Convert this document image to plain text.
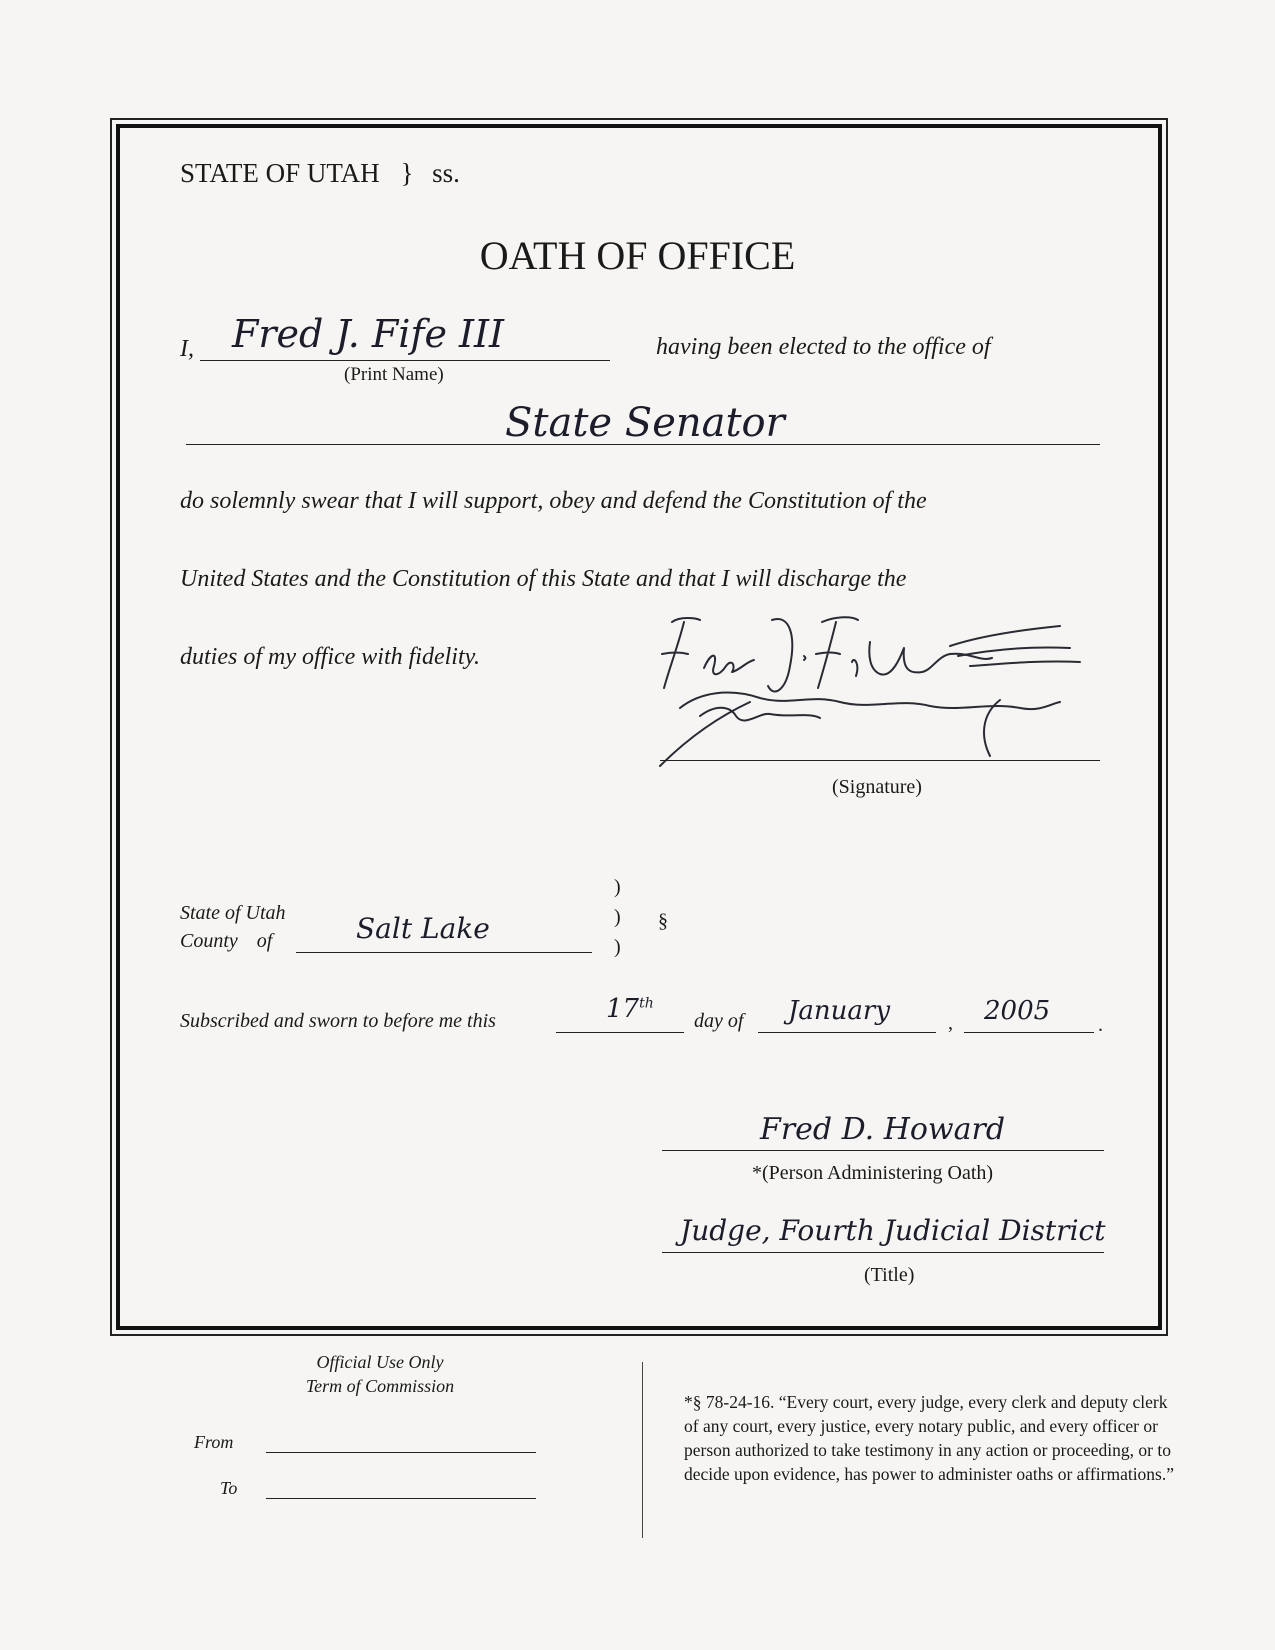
STATE OF UTAH } ss.
OATH OF OFFICE
I, Fred J. Fife III
(Print Name)
having been elected to the office of
State Senator
do solemnly swear that I will support, obey and defend the Constitution of the
United States and the Constitution of this State and that I will discharge the
duties of my office with fidelity.
(Signature)
State of Utah
County of	Salt Lake
)
)
)
§
Subscribed and sworn to before me this	17th
day of January	, 2005 .
Fred D. Howard
*(Person Administering Oath)
Judge, Fourth Judicial District
(Title)
Official Use Only
Term of Commission
From
To
*§ 78-24-16. “Every court, every judge, every clerk and deputy clerk of any court, every justice, every notary public, and every officer or person authorized to take testimony in any action or proceeding, or to decide upon evidence, has power to administer oaths or affirmations.”
